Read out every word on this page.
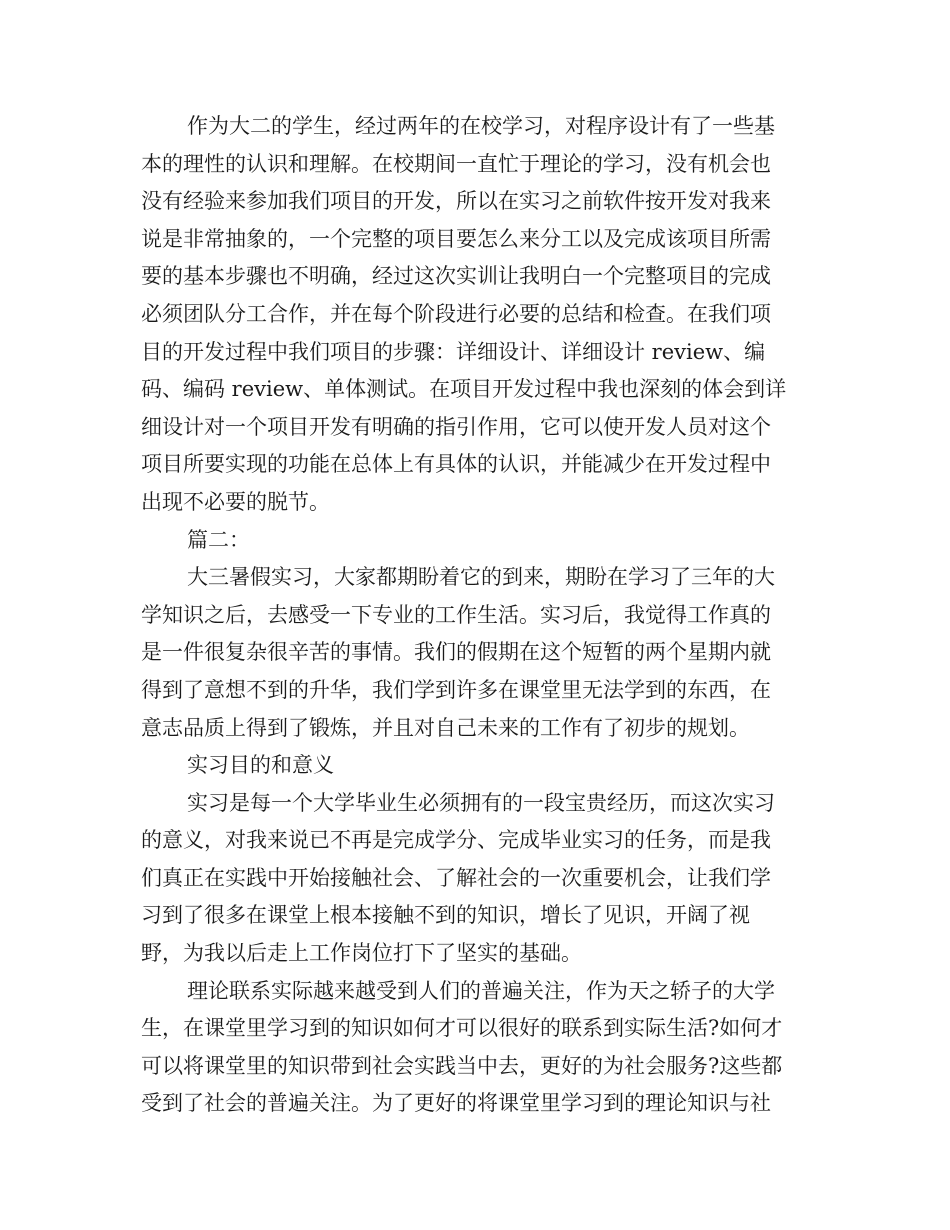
作为大二的学生，经过两年的在校学习，对程序设计有了一些基
本的理性的认识和理解。在校期间一直忙于理论的学习，没有机会也
没有经验来参加我们项目的开发，所以在实习之前软件按开发对我来
说是非常抽象的，一个完整的项目要怎么来分工以及完成该项目所需
要的基本步骤也不明确，经过这次实训让我明白一个完整项目的完成
必须团队分工合作，并在每个阶段进行必要的总结和检查。在我们项
目的开发过程中我们项目的步骤：详细设计、详细设计 review、编
码、编码 review、单体测试。在项目开发过程中我也深刻的体会到详
细设计对一个项目开发有明确的指引作用，它可以使开发人员对这个
项目所要实现的功能在总体上有具体的认识，并能减少在开发过程中
出现不必要的脱节。
篇二：
大三暑假实习，大家都期盼着它的到来，期盼在学习了三年的大
学知识之后，去感受一下专业的工作生活。实习后，我觉得工作真的
是一件很复杂很辛苦的事情。我们的假期在这个短暂的两个星期内就
得到了意想不到的升华，我们学到许多在课堂里无法学到的东西，在
意志品质上得到了锻炼，并且对自己未来的工作有了初步的规划。
实习目的和意义
实习是每一个大学毕业生必须拥有的一段宝贵经历，而这次实习
的意义，对我来说已不再是完成学分、完成毕业实习的任务，而是我
们真正在实践中开始接触社会、了解社会的一次重要机会，让我们学
习到了很多在课堂上根本接触不到的知识，增长了见识，开阔了视
野，为我以后走上工作岗位打下了坚实的基础。
理论联系实际越来越受到人们的普遍关注，作为天之轿子的大学
生，在课堂里学习到的知识如何才可以很好的联系到实际生活?如何才
可以将课堂里的知识带到社会实践当中去，更好的为社会服务?这些都
受到了社会的普遍关注。为了更好的将课堂里学习到的理论知识与社
